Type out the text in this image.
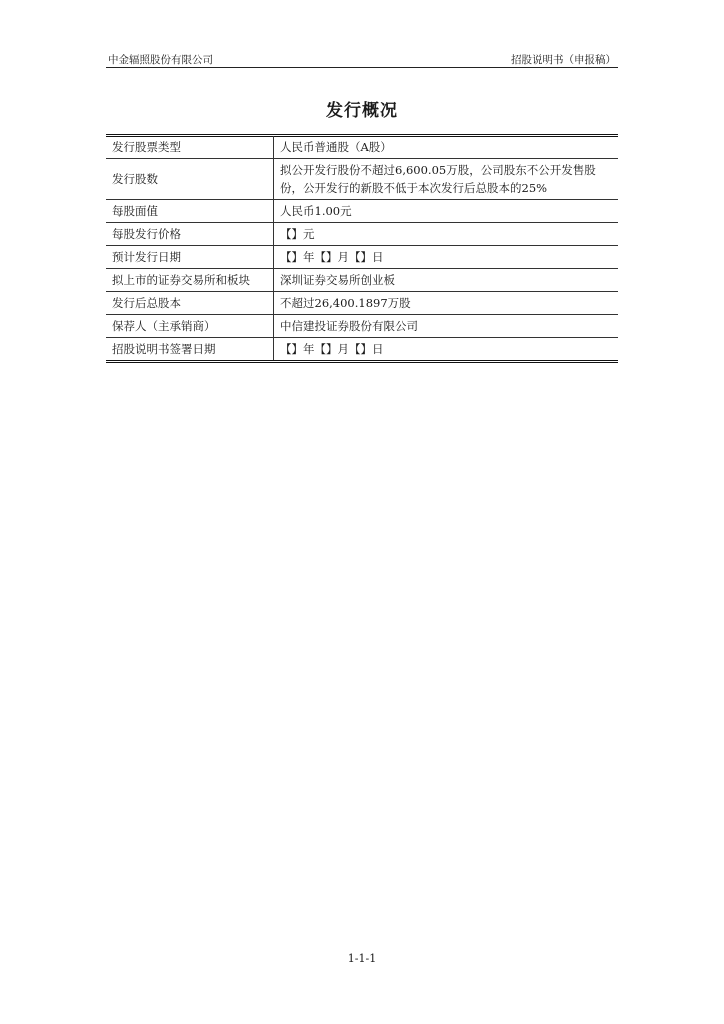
中金辐照股份有限公司	招股说明书（申报稿）
发行概况
发行股票类型	人民币普通股（A股）
发行股数	拟公开发行股份不超过6,600.05万股，公司股东不公开发售股份，公开发行的新股不低于本次发行后总股本的25%
每股面值	人民币1.00元
每股发行价格	【】元
预计发行日期	【】年【】月【】日
拟上市的证券交易所和板块	深圳证券交易所创业板
发行后总股本	不超过26,400.1897万股
保荐人（主承销商）	中信建投证券股份有限公司
招股说明书签署日期	【】年【】月【】日
1-1-1
